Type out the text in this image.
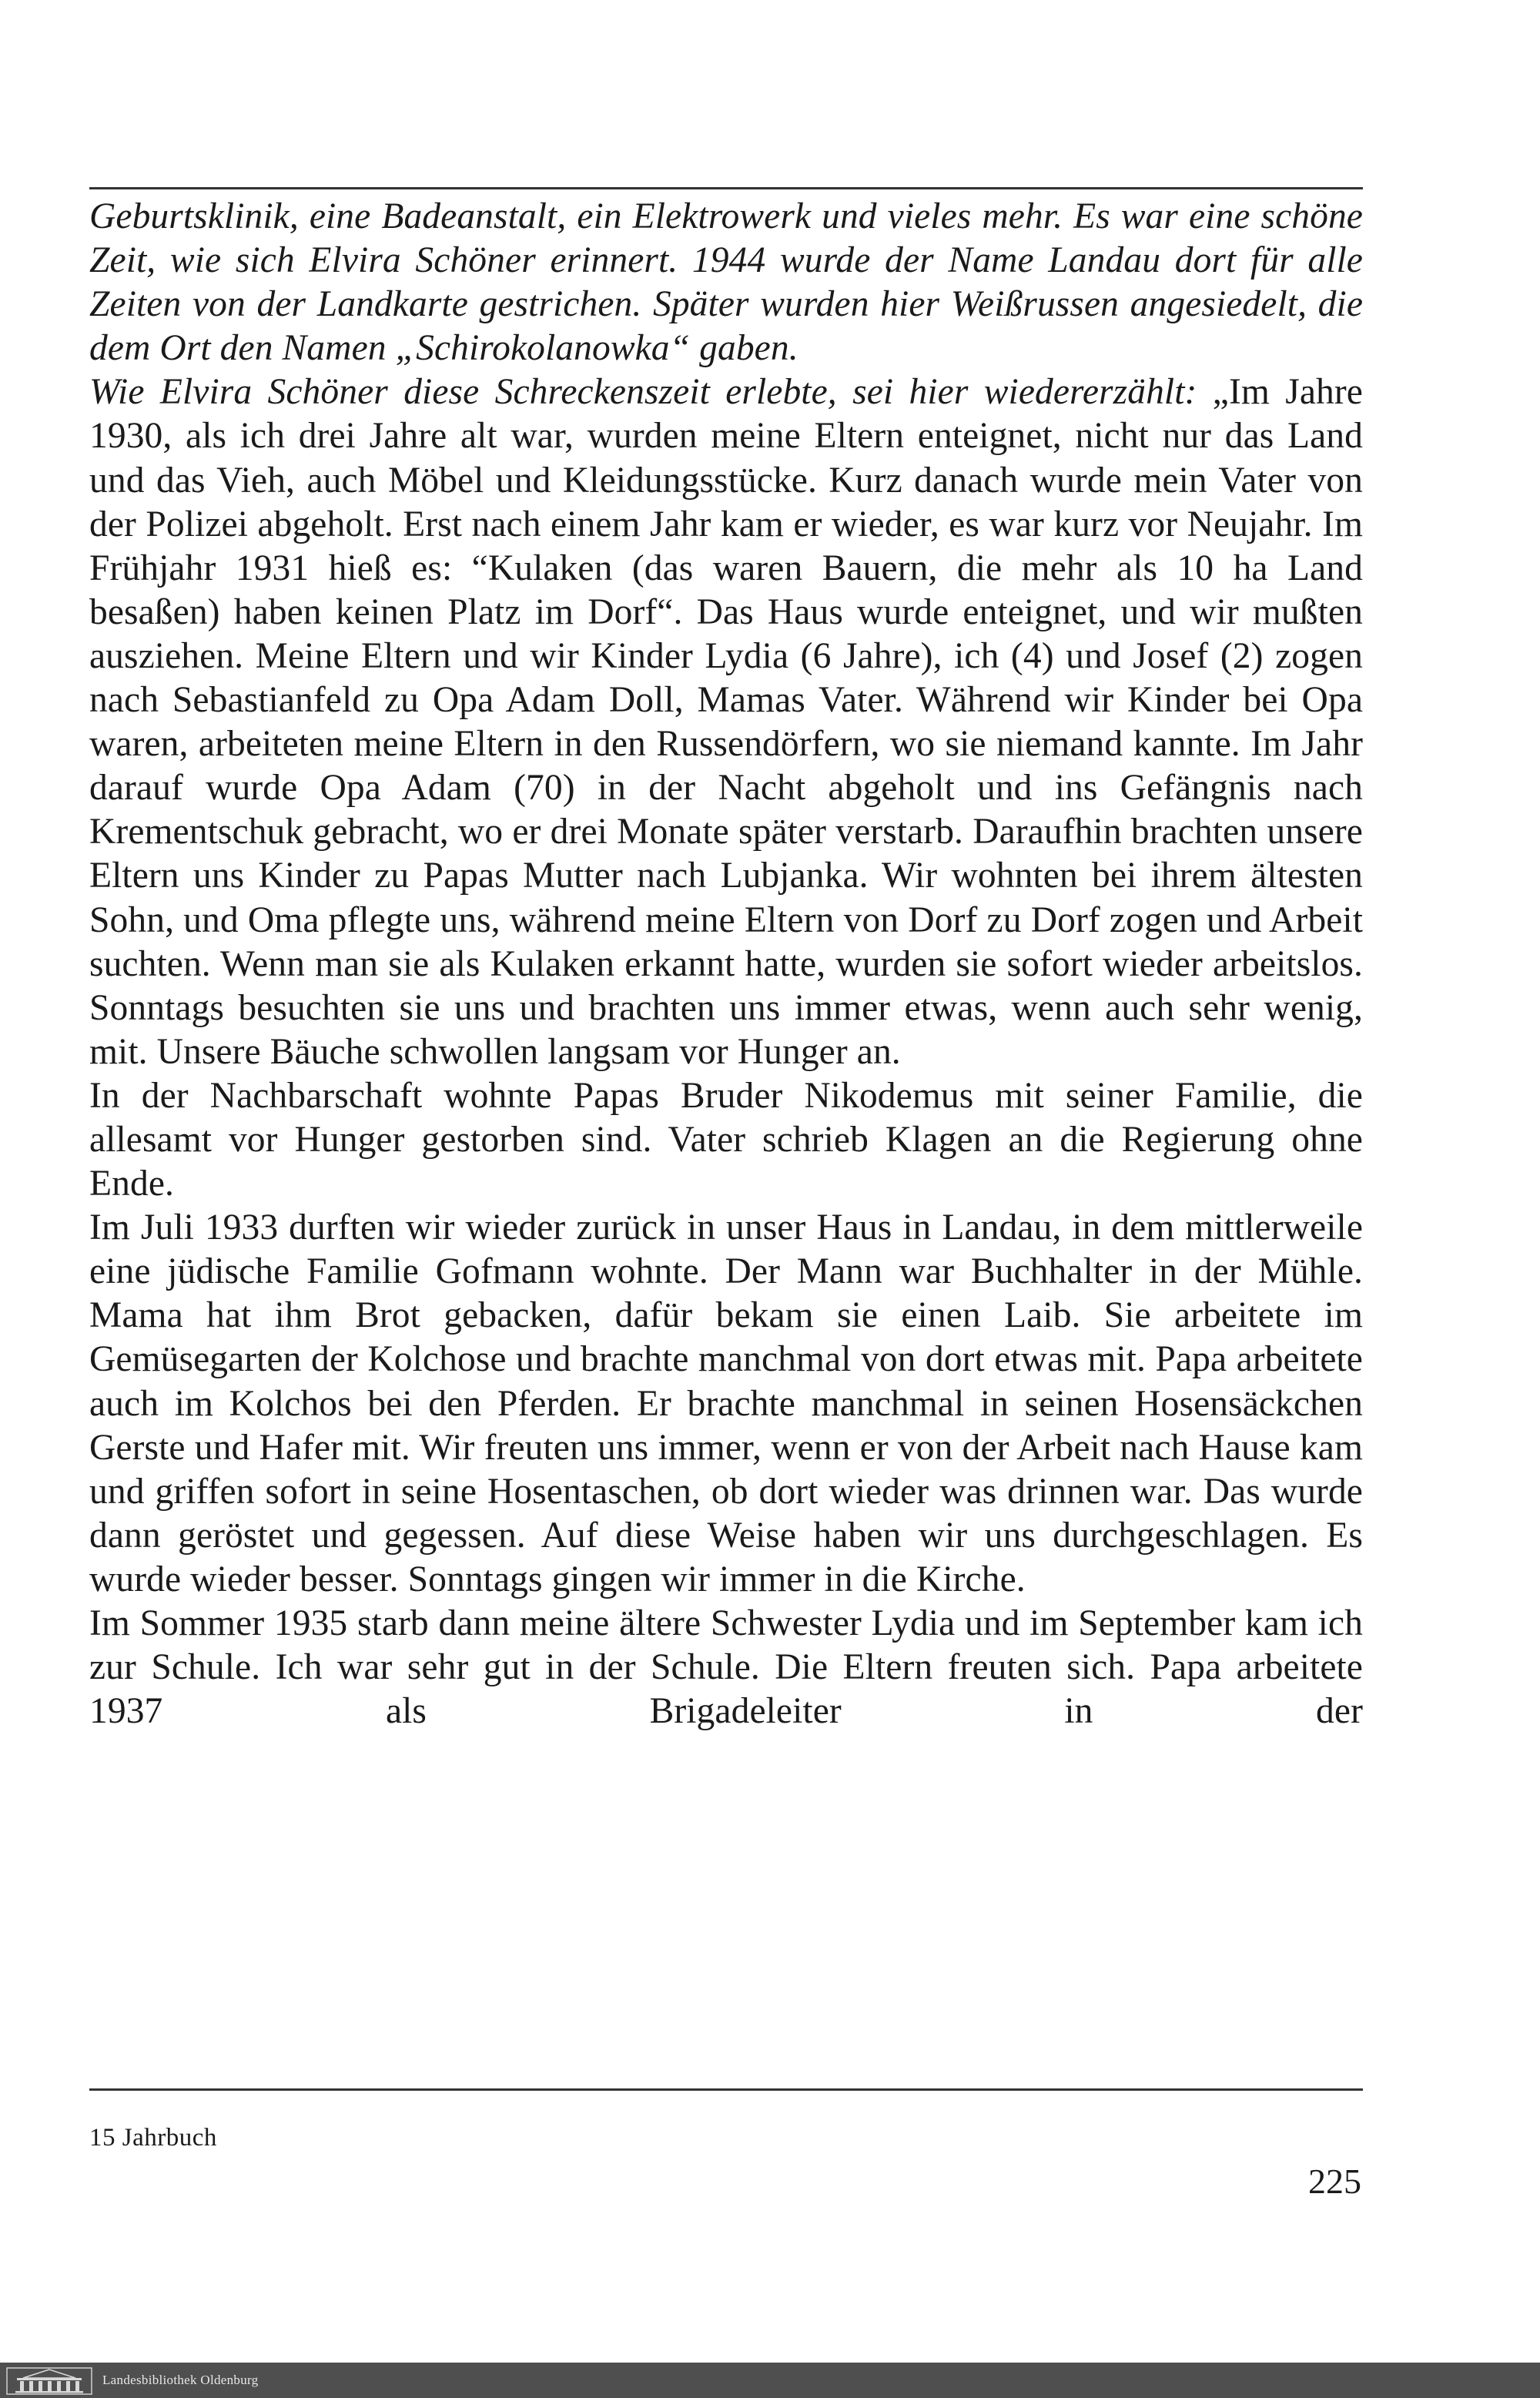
Geburtsklinik, eine Badeanstalt, ein Elektrowerk und vieles mehr. Es war eine schöne Zeit, wie sich Elvira Schöner erinnert. 1944 wurde der Name Landau dort für alle Zeiten von der Landkarte gestrichen. Später wurden hier Weißrussen angesiedelt, die dem Ort den Namen „Schirokolanowka“ gaben.

Wie Elvira Schöner diese Schreckenszeit erlebte, sei hier wiedererzählt: „Im Jahre 1930, als ich drei Jahre alt war, wurden meine Eltern enteignet, nicht nur das Land und das Vieh, auch Möbel und Kleidungsstücke. Kurz danach wurde mein Vater von der Polizei abgeholt. Erst nach einem Jahr kam er wieder, es war kurz vor Neujahr. Im Frühjahr 1931 hieß es: “Kulaken (das waren Bauern, die mehr als 10 ha Land besaßen) haben keinen Platz im Dorf“. Das Haus wurde enteignet, und wir mußten ausziehen. Meine Eltern und wir Kinder Lydia (6 Jahre), ich (4) und Josef (2) zogen nach Sebastianfeld zu Opa Adam Doll, Mamas Vater. Während wir Kinder bei Opa waren, arbeiteten meine Eltern in den Russendörfern, wo sie niemand kannte. Im Jahr darauf wurde Opa Adam (70) in der Nacht abgeholt und ins Gefängnis nach Krementschuk gebracht, wo er drei Monate später verstarb. Daraufhin brachten unsere Eltern uns Kinder zu Papas Mutter nach Lubjanka. Wir wohnten bei ihrem ältesten Sohn, und Oma pflegte uns, während meine Eltern von Dorf zu Dorf zogen und Arbeit suchten. Wenn man sie als Kulaken erkannt hatte, wurden sie sofort wieder arbeitslos. Sonntags besuchten sie uns und brachten uns immer etwas, wenn auch sehr wenig, mit. Unsere Bäuche schwollen langsam vor Hunger an.

In der Nachbarschaft wohnte Papas Bruder Nikodemus mit seiner Familie, die allesamt vor Hunger gestorben sind. Vater schrieb Klagen an die Regierung ohne Ende.

Im Juli 1933 durften wir wieder zurück in unser Haus in Landau, in dem mittlerweile eine jüdische Familie Gofmann wohnte. Der Mann war Buchhalter in der Mühle. Mama hat ihm Brot gebacken, dafür bekam sie einen Laib. Sie arbeitete im Gemüsegarten der Kolchose und brachte manchmal von dort etwas mit. Papa arbeitete auch im Kolchos bei den Pferden. Er brachte manchmal in seinen Hosensäckchen Gerste und Hafer mit. Wir freuten uns immer, wenn er von der Arbeit nach Hause kam und griffen sofort in seine Hosentaschen, ob dort wieder was drinnen war. Das wurde dann geröstet und gegessen. Auf diese Weise haben wir uns durchgeschlagen. Es wurde wieder besser. Sonntags gingen wir immer in die Kirche.

Im Sommer 1935 starb dann meine ältere Schwester Lydia und im September kam ich zur Schule. Ich war sehr gut in der Schule. Die Eltern freuten sich. Papa arbeitete 1937 als Brigadeleiter in der

15 Jahrbuch
225
Landesbibliothek Oldenburg
